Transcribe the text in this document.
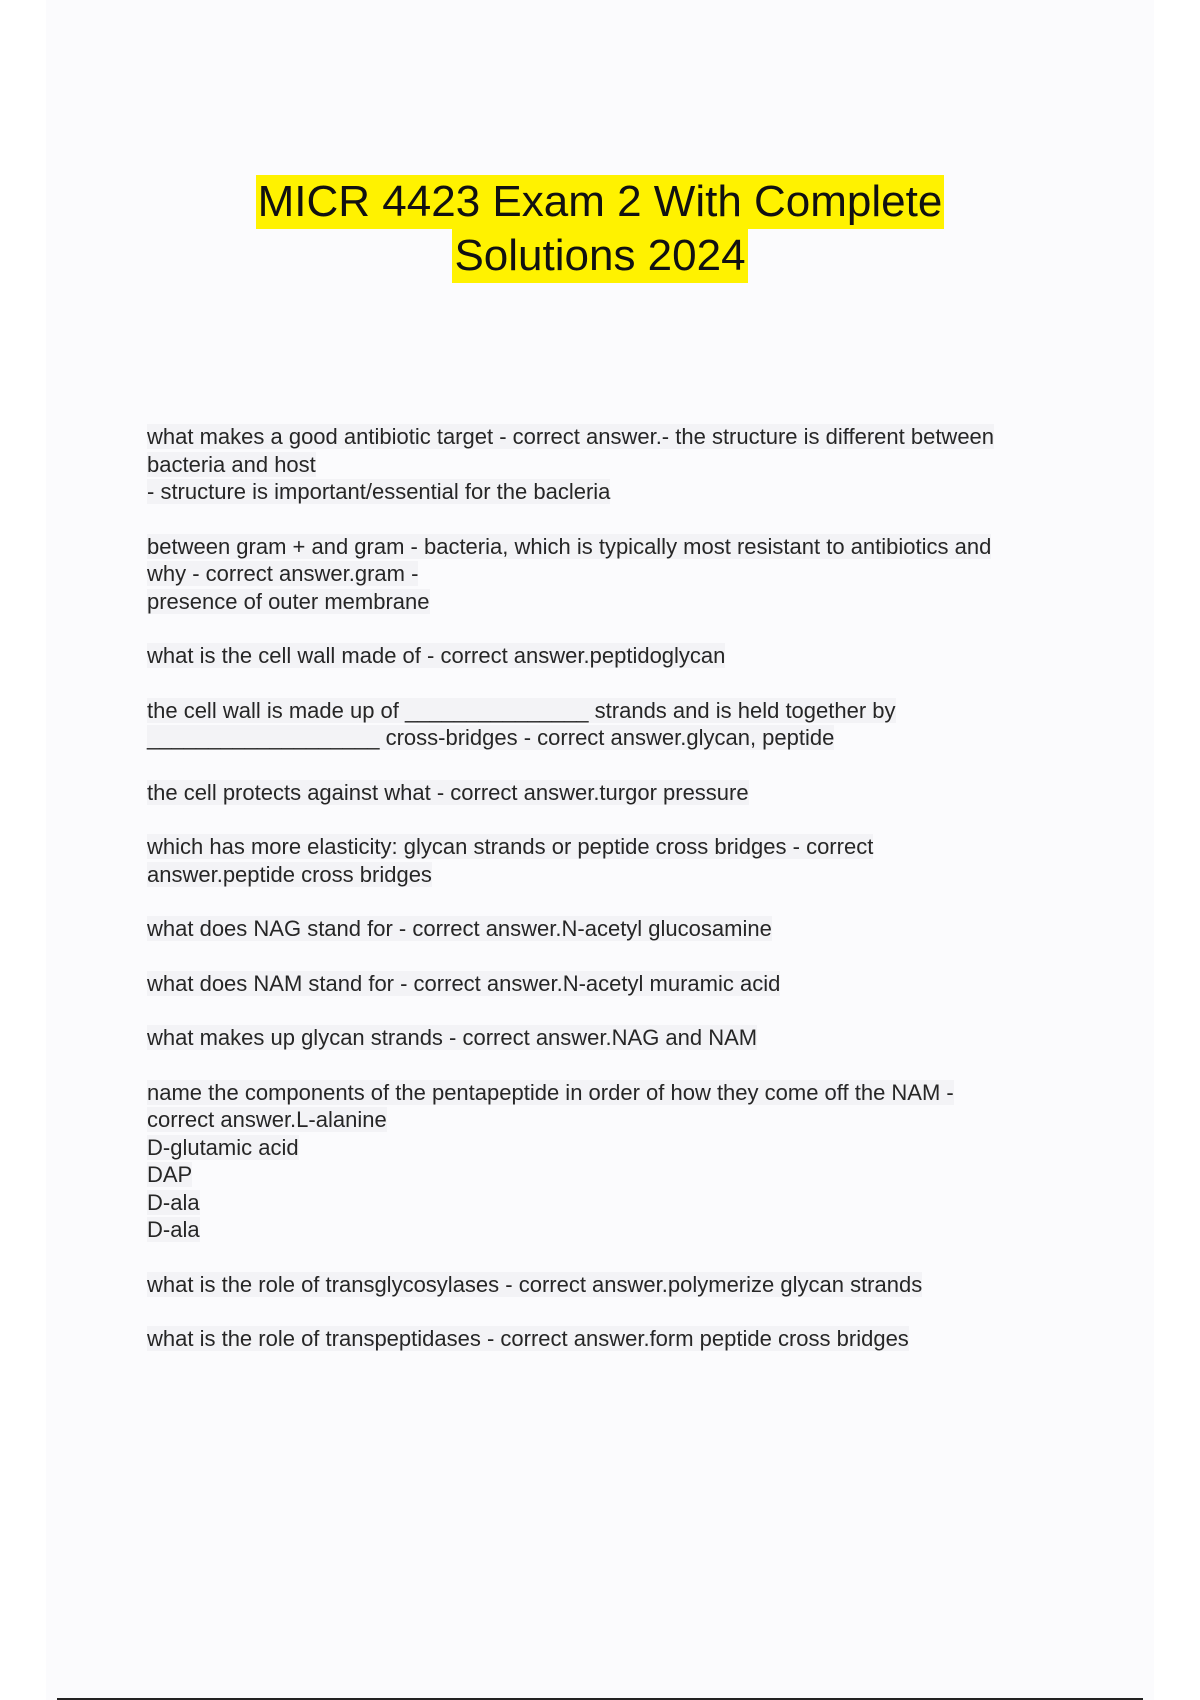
MICR 4423 Exam 2 With Complete
Solutions 2024
what makes a good antibiotic target - correct answer.- the structure is different between
bacteria and host
- structure is important/essential for the bacleria
between gram + and gram - bacteria, which is typically most resistant to antibiotics and
why - correct answer.gram -
presence of outer membrane
what is the cell wall made of - correct answer.peptidoglycan
the cell wall is made up of _______________ strands and is held together by
___________________ cross-bridges - correct answer.glycan, peptide
the cell protects against what - correct answer.turgor pressure
which has more elasticity: glycan strands or peptide cross bridges - correct
answer.peptide cross bridges
what does NAG stand for - correct answer.N-acetyl glucosamine
what does NAM stand for - correct answer.N-acetyl muramic acid
what makes up glycan strands - correct answer.NAG and NAM
name the components of the pentapeptide in order of how they come off the NAM -
correct answer.L-alanine
D-glutamic acid
DAP
D-ala
D-ala
what is the role of transglycosylases - correct answer.polymerize glycan strands
what is the role of transpeptidases - correct answer.form peptide cross bridges
